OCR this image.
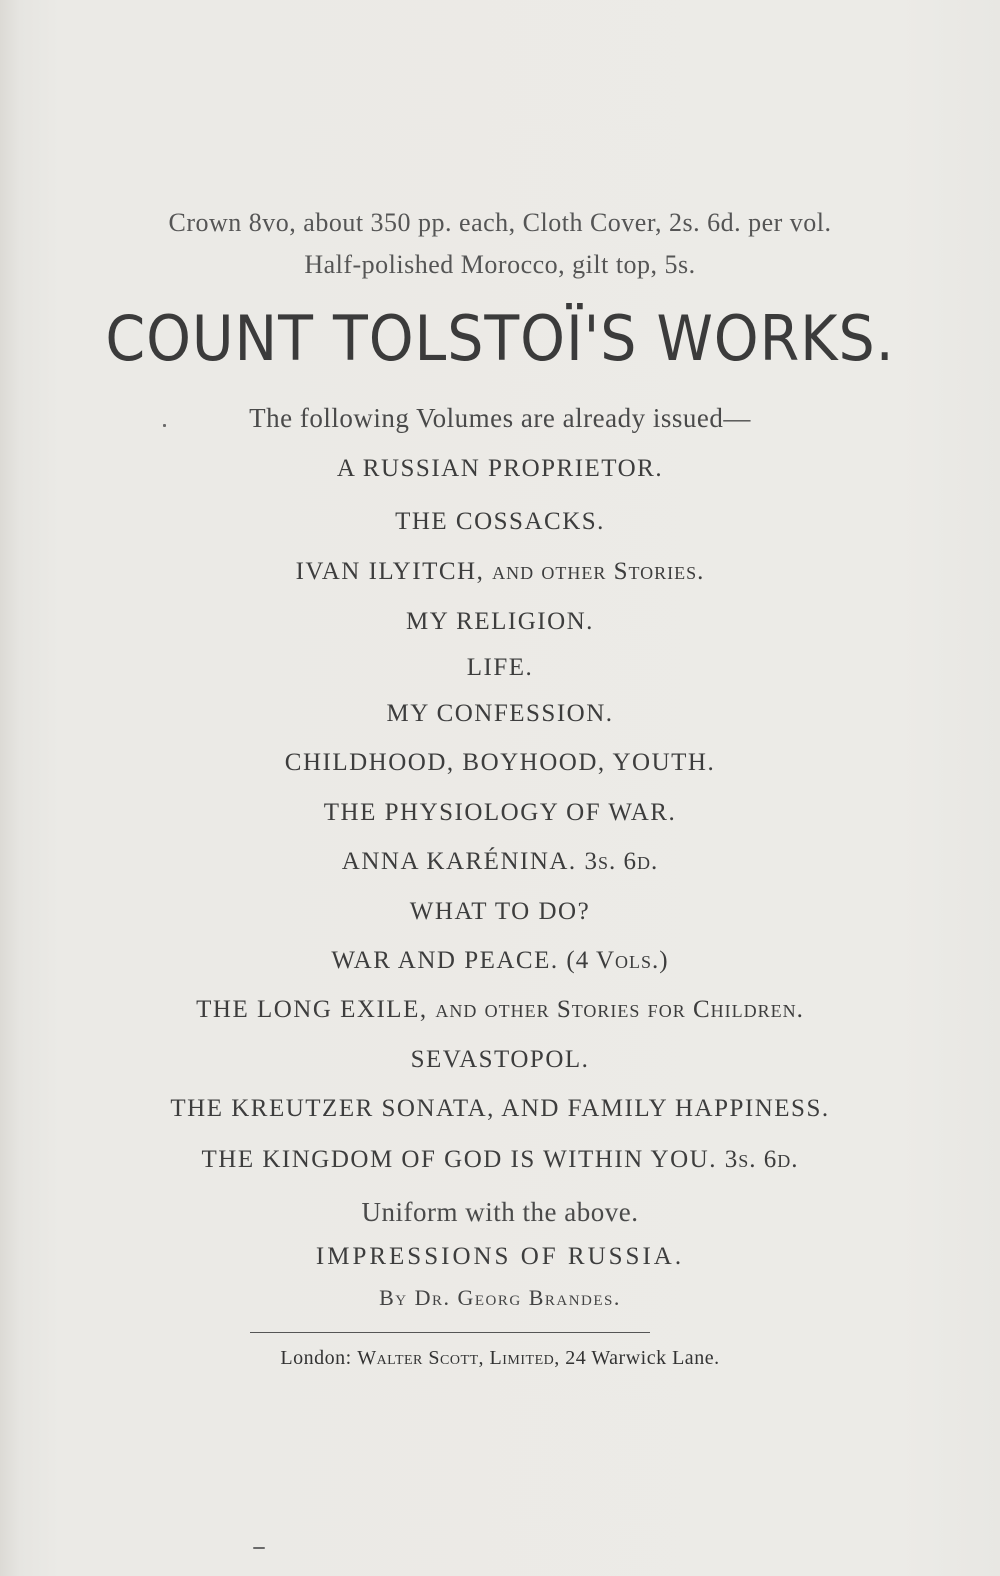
Crown 8vo, about 350 pp. each, Cloth Cover, 2s. 6d. per vol.
Half-polished Morocco, gilt top, 5s.
COUNT TOLSTOÏ'S WORKS.
The following Volumes are already issued—
A RUSSIAN PROPRIETOR.
THE COSSACKS.
IVAN ILYITCH, and other Stories.
MY RELIGION.
LIFE.
MY CONFESSION.
CHILDHOOD, BOYHOOD, YOUTH.
THE PHYSIOLOGY OF WAR.
ANNA KARÉNINA. 3s. 6d.
WHAT TO DO?
WAR AND PEACE. (4 Vols.)
THE LONG EXILE, and other Stories for Children.
SEVASTOPOL.
THE KREUTZER SONATA, AND FAMILY HAPPINESS.
THE KINGDOM OF GOD IS WITHIN YOU. 3s. 6d.
Uniform with the above.
IMPRESSIONS OF RUSSIA.
By Dr. Georg Brandes.
London: Walter Scott, Limited, 24 Warwick Lane.
